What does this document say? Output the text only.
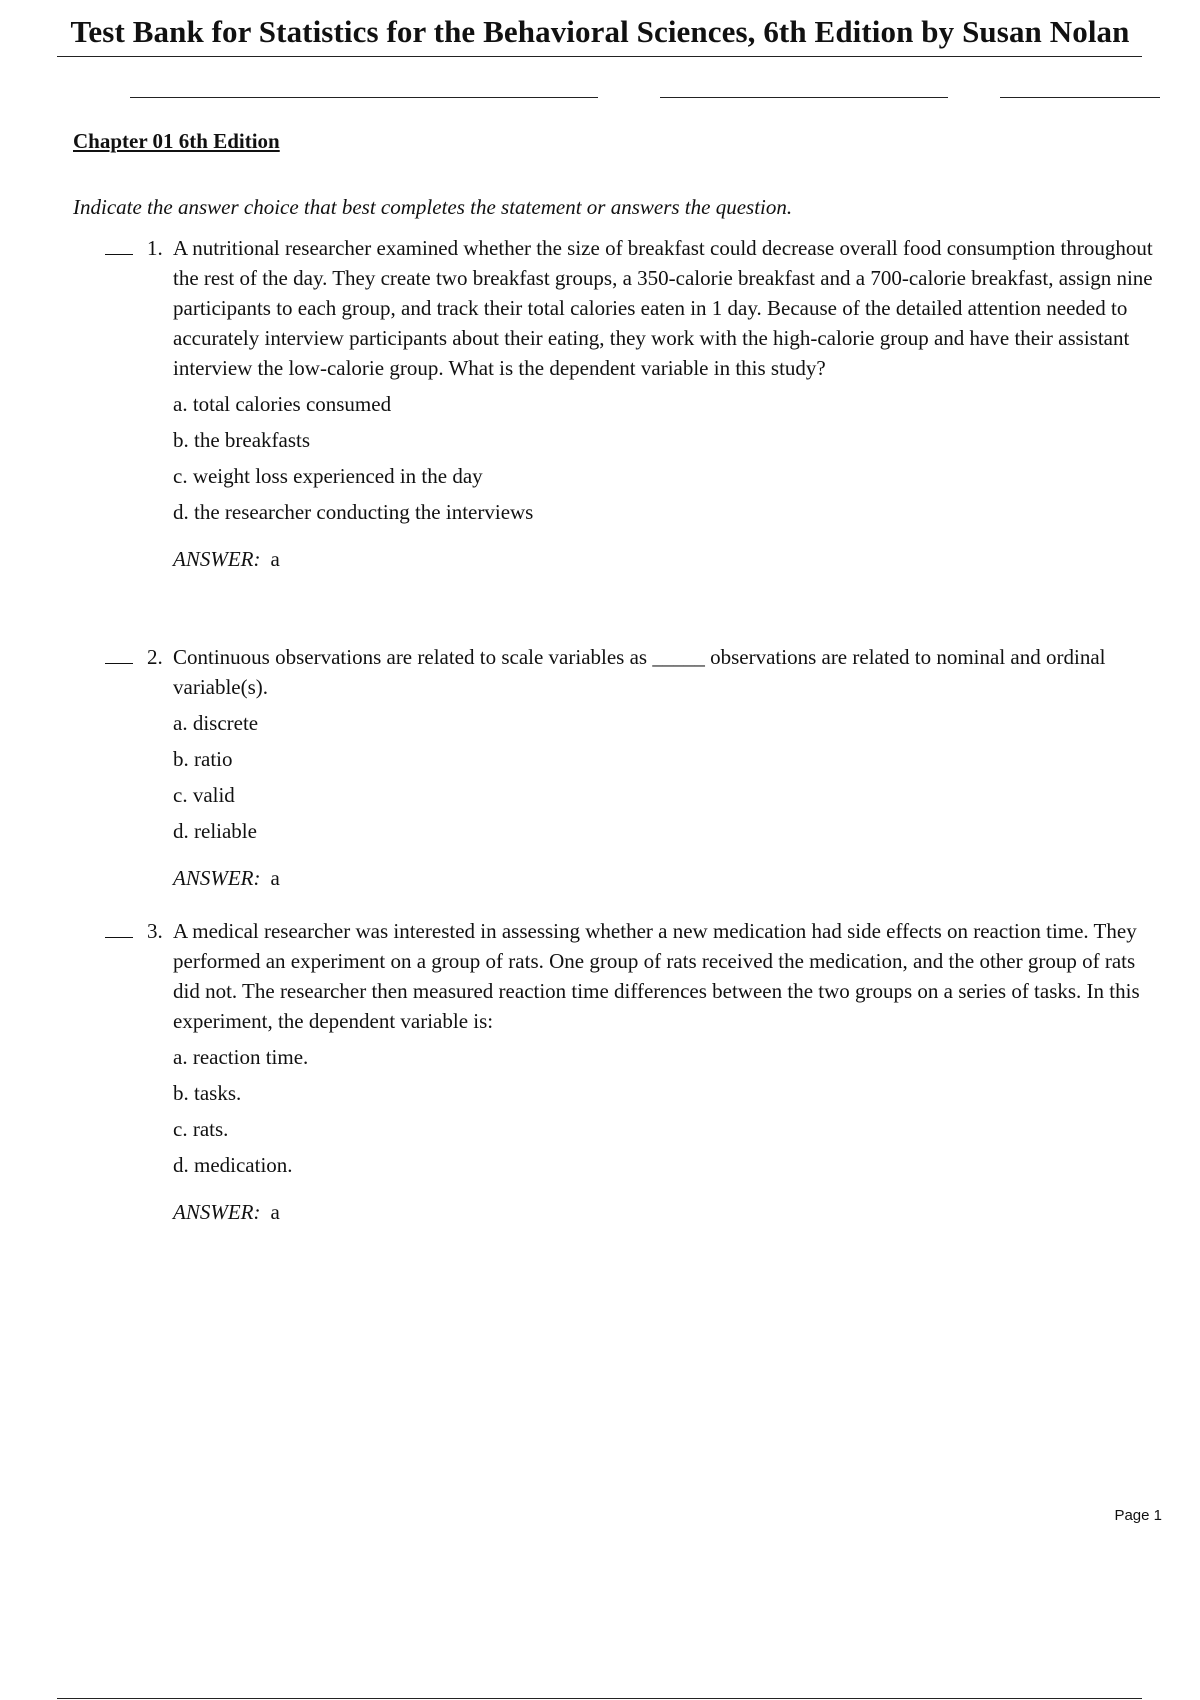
Test Bank for Statistics for the Behavioral Sciences, 6th Edition by Susan Nolan
Chapter 01 6th Edition
Indicate the answer choice that best completes the statement or answers the question.
1. A nutritional researcher examined whether the size of breakfast could decrease overall food consumption throughout the rest of the day. They create two breakfast groups, a 350-calorie breakfast and a 700-calorie breakfast, assign nine participants to each group, and track their total calories eaten in 1 day. Because of the detailed attention needed to accurately interview participants about their eating, they work with the high-calorie group and have their assistant interview the low-calorie group. What is the dependent variable in this study?
a. total calories consumed
b. the breakfasts
c. weight loss experienced in the day
d. the researcher conducting the interviews
ANSWER: a
2. Continuous observations are related to scale variables as _____ observations are related to nominal and ordinal variable(s).
a. discrete
b. ratio
c. valid
d. reliable
ANSWER: a
3. A medical researcher was interested in assessing whether a new medication had side effects on reaction time. They performed an experiment on a group of rats. One group of rats received the medication, and the other group of rats did not. The researcher then measured reaction time differences between the two groups on a series of tasks. In this experiment, the dependent variable is:
a. reaction time.
b. tasks.
c. rats.
d. medication.
ANSWER: a
Page 1
